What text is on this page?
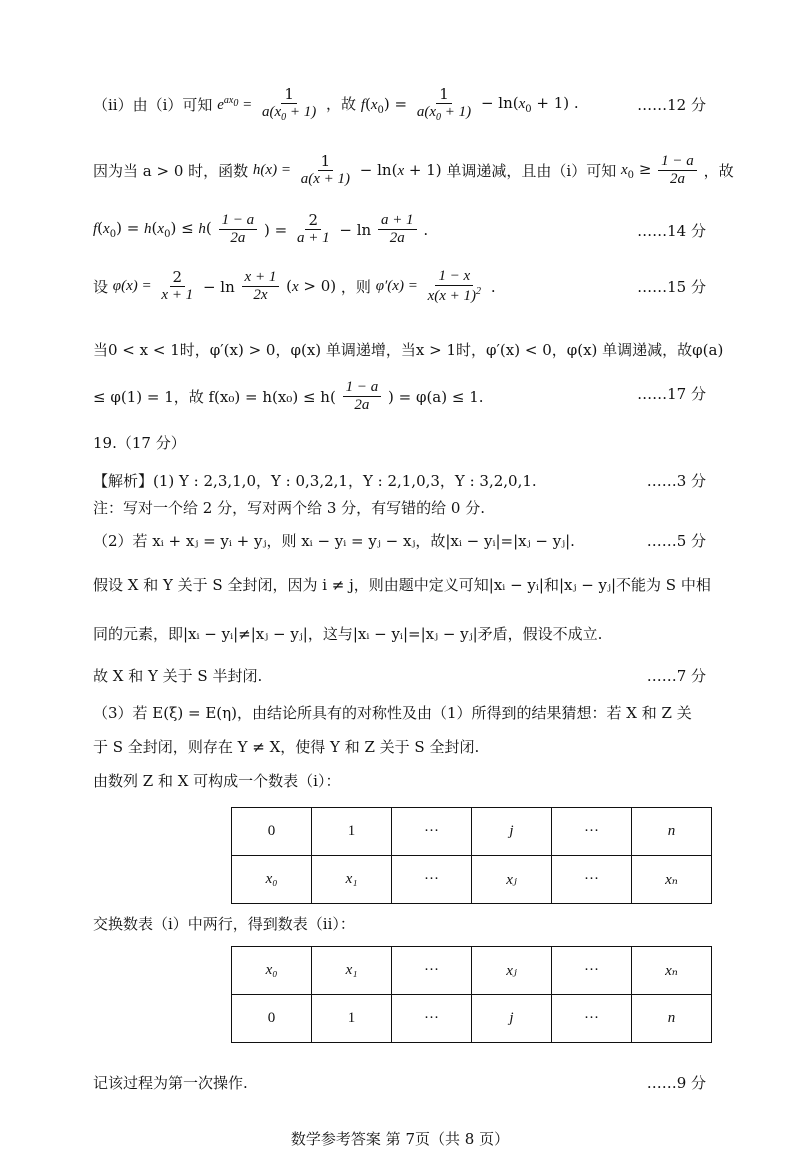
（ii）由（i）可知 $e^{ax_0} = \frac{1}{a(x_0 + 1)}$ ，故 $f(x_0) = \frac{1}{a(x_0 + 1)} - \ln(x_0 + 1)$ .	……12 分
因为当 a > 0 时，函数 $h(x) = \frac{1}{a(x + 1)} - \ln(x + 1)$ 单调递减，且由（i）可知 $x_0 \ge \frac{1 - a}{2a}$ ，故
$f(x_0) = h(x_0) \le h( \frac{1 - a}{2a}$ ) = $\frac{2}{a + 1} - \ln \frac{a + 1}{2a}$ .	……14 分
设 $\varphi(x) = \frac{2}{x + 1} - \ln \frac{x + 1}{2x} (x > 0)$ ，则 $\varphi'(x) = \frac{1 - x}{x(x + 1)^2}$ .	……15 分
当0 < x < 1时，φ′(x) > 0，φ(x) 单调递增，当x > 1时，φ′(x) < 0，φ(x) 单调递减，故φ(a)
≤ φ(1) = 1，故 $f(x_0) = h(x_0) \le h( \frac{1 - a}{2a}$ ) = φ(a) ≤ 1.	……17 分
19.（17 分）
【解析】(1) Y : 2,3,1,0，Y : 0,3,2,1，Y : 2,1,0,3，Y : 3,2,0,1.	……3 分
注：写对一个给 2 分，写对两个给 3 分，有写错的给 0 分.
（2）若 xᵢ + xⱼ = yᵢ + yⱼ，则 xᵢ − yᵢ = yⱼ − xⱼ，故|xᵢ − yᵢ|=|xⱼ − yⱼ|.	……5 分
假设 X 和 Y 关于 S 全封闭，因为 i ≠ j，则由题中定义可知|xᵢ − yᵢ|和|xⱼ − yⱼ|不能为 S 中相
同的元素，即|xᵢ − yᵢ|≠|xⱼ − yⱼ|，这与|xᵢ − yᵢ|=|xⱼ − yⱼ|矛盾，假设不成立.
故 X 和 Y 关于 S 半封闭.	……7 分
（3）若 E(ξ) = E(η)，由结论所具有的对称性及由（1）所得到的结果猜想：若 X 和 Z 关
于 S 全封闭，则存在 Y ≠ X，使得 Y 和 Z 关于 S 全封闭.
由数列 Z 和 X 可构成一个数表（i）：
0	1	···	j	···	n
x₀	x₁	···	xⱼ	···	xₙ
交换数表（i）中两行，得到数表（ii）：
x₀	x₁	···	xⱼ	···	xₙ
0	1	···	j	···	n
记该过程为第一次操作.	……9 分
数学参考答案 第 7页（共 8 页）
